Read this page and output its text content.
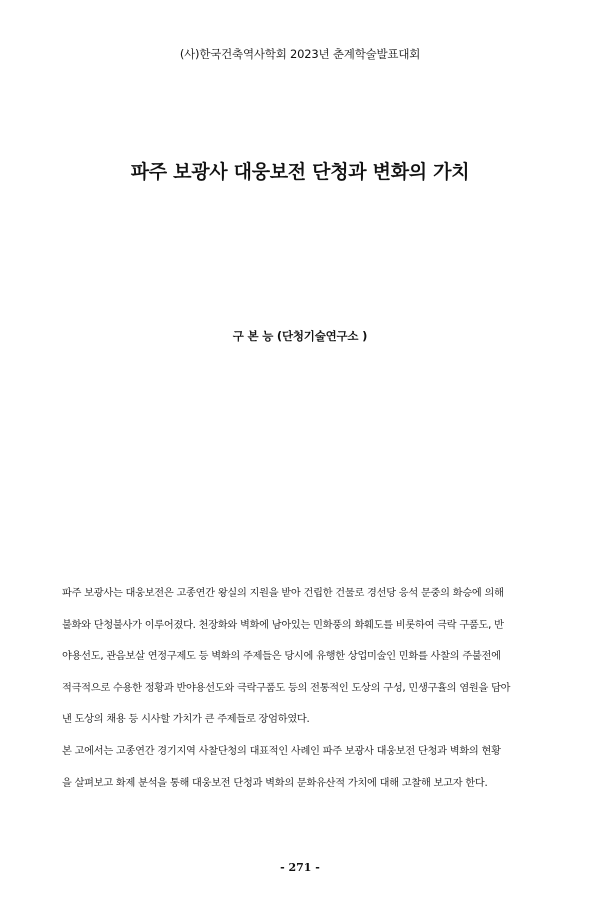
(사)한국건축역사학회 2023년 춘계학술발표대회
파주 보광사 대웅보전 단청과 변화의 가치
구 본 능 (단청기술연구소 )
파주 보광사는 대웅보전은 고종연간 왕실의 지원을 받아 건립한 건물로 경선당 응석 문중의 화승에 의해
불화와 단청불사가 이루어졌다. 천장화와 벽화에 남아있는 민화풍의 화훼도를 비롯하여 극락 구품도, 반
야용선도, 관음보살 연정구제도 등 벽화의 주제들은 당시에 유행한 상업미술인 민화를 사찰의 주불전에
적극적으로 수용한 정황과 반야용선도와 극락구품도 등의 전통적인 도상의 구성, 민생구휼의 염원을 담아
낸 도상의 채용 등 시사할 가치가 큰 주제들로 장엄하였다.
본 고에서는 고종연간 경기지역 사찰단청의 대표적인 사례인 파주 보광사 대웅보전 단청과 벽화의 현황
을 살펴보고 화제 분석을 통해 대웅보전 단청과 벽화의 문화유산적 가치에 대해 고찰해 보고자 한다.
- 271 -
